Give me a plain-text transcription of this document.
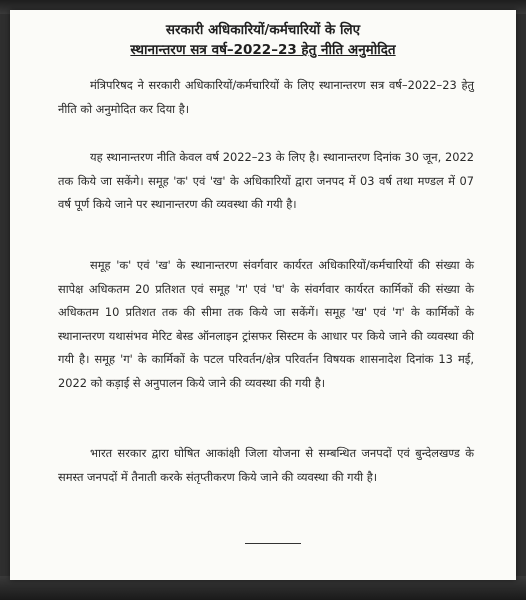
सरकारी अधिकारियों/कर्मचारियों के लिए
स्थानान्तरण सत्र वर्ष–2022–23 हेतु नीति अनुमोदित

मंत्रिपरिषद ने सरकारी अधिकारियों/कर्मचारियों के लिए स्थानान्तरण सत्र वर्ष–2022–23 हेतु नीति को अनुमोदित कर दिया है।

यह स्थानान्तरण नीति केवल वर्ष 2022–23 के लिए है। स्थानान्तरण दिनांक 30 जून, 2022 तक किये जा सकेंगे। समूह 'क' एवं 'ख' के अधिकारियों द्वारा जनपद में 03 वर्ष तथा मण्डल में 07 वर्ष पूर्ण किये जाने पर स्थानान्तरण की व्यवस्था की गयी है।

समूह 'क' एवं 'ख' के स्थानान्तरण संवर्गवार कार्यरत अधिकारियों/कर्मचारियों की संख्या के सापेक्ष अधिकतम 20 प्रतिशत एवं समूह 'ग' एवं 'घ' के संवर्गवार कार्यरत कार्मिकों की संख्या के अधिकतम 10 प्रतिशत तक की सीमा तक किये जा सकेंगें। समूह 'ख' एवं 'ग' के कार्मिकों के स्थानान्तरण यथासंभव मेरिट बेस्ड ऑनलाइन ट्रांसफर सिस्टम के आधार पर किये जाने की व्यवस्था की गयी है। समूह 'ग' के कार्मिकों के पटल परिवर्तन/क्षेत्र परिवर्तन विषयक शासनादेश दिनांक 13 मई, 2022 को कड़ाई से अनुपालन किये जाने की व्यवस्था की गयी है।

भारत सरकार द्वारा घोषित आकांक्षी जिला योजना से सम्बन्धित जनपदों एवं बुन्देलखण्ड के समस्त जनपदों में तैनाती करके संतृप्तीकरण किये जाने की व्यवस्था की गयी है।
